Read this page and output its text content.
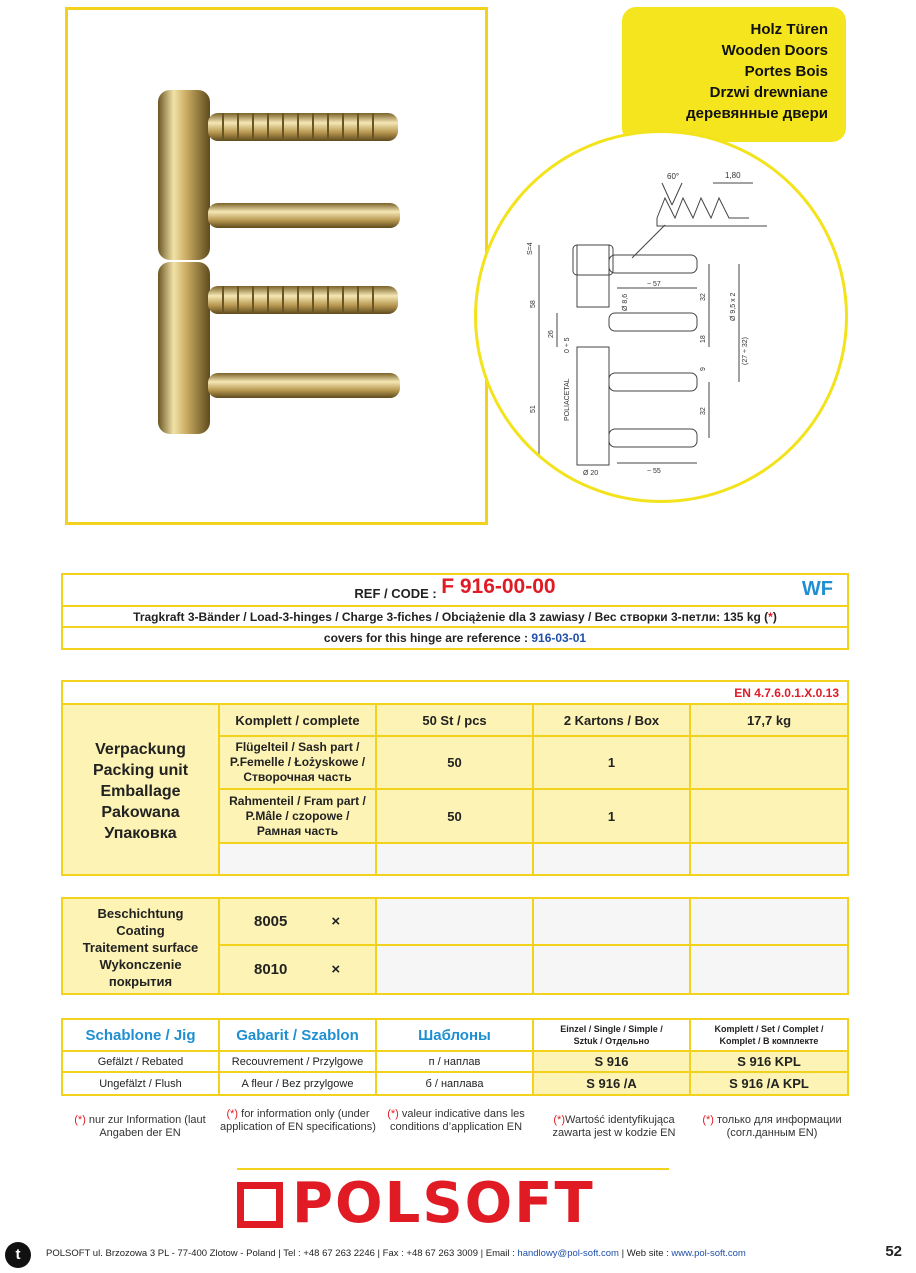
Holz Türen
Wooden Doors
Portes Bois
Drzwi drewniane
деревянные двери
60°	1,80
S=4
Ø 8,6
~ 57
~ 55
58
26
0 ÷ 5
51	POLIACETAL
32
18
9
32
Ø 9,5 x 2
(27 ÷ 32)
Ø 20
$_{REF / CODE :}$ F 916-00-00	WF
Tragkraft 3-Bänder / Load-3-hinges / Charge 3-fiches / Obciążenie dla 3 zawiasy / Вес створки 3-петли: 135 kg (*)
covers for this hinge are reference : 916-03-01
EN 4.7.6.0.1.X.0.13
Verpackung
Packing unit
Emballage
Pakowana
Упаковка
Komplett / complete	50 St / pcs	2 Kartons / Box	17,7 kg
Flügelteil / Sash part / P.Femelle / Łożyskowe / Створочная часть
50	1
Rahmenteil / Fram part / P.Mâle / czopowe / Рамная часть
50	1
Beschichtung
Coating
Traitement surface
Wykonczenie
покрытия
8005	×
8010	×
Schablone / Jig	Gabarit / Szablon	Шаблоны	Einzel / Single / Simple / Sztuk / Отдельно
Komplett / Set / Complet / Komplet / В комплекте
Gefälzt / Rebated	Recouvrement / Przylgowe	п / наплав	S 916	S 916 KPL
Ungefälzt / Flush	A fleur / Bez przylgowe	б / наплава	S 916 /A	S 916 /A KPL
(*) nur zur Information (laut Angaben der EN
(*) for information only (under application of EN specifications)
(*) valeur indicative dans les conditions d’application EN
(*)Wartość identyfikująca zawarta jest w kodzie EN
(*) только для информации (согл.данным EN)
POLSOFT
t	POLSOFT ul. Brzozowa 3 PL - 77-400 Zlotow - Poland | Tel : +48 67 263 2246 | Fax : +48 67 263 3009 | Email : handlowy@pol-soft.com | Web site : www.pol-soft.com	52
